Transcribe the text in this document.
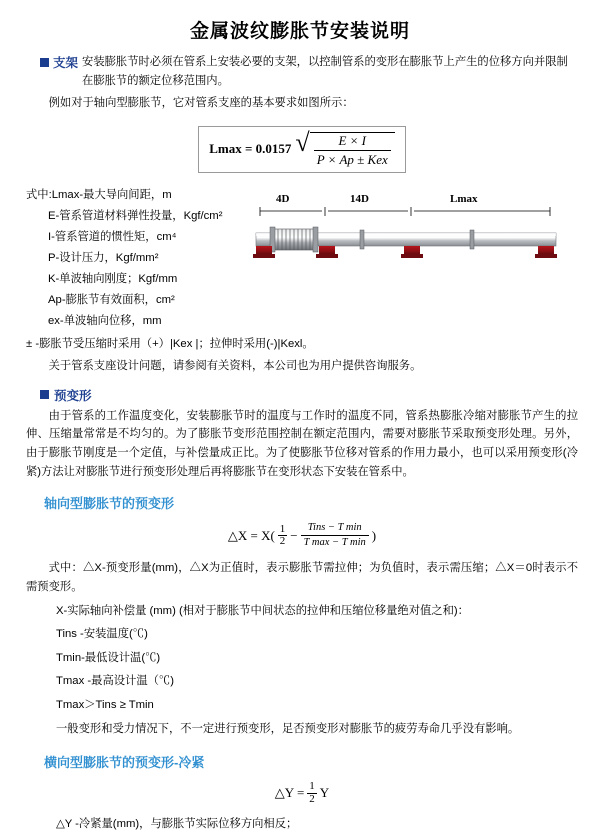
金属波纹膨胀节安装说明
支架 安装膨胀节时必须在管系上安装必要的支架，以控制管系的变形在膨胀节上产生的位移方向并限制在膨胀节的额定位移范围内。

例如对于轴向型膨胀节，它对管系支座的基本要求如图所示：

Lmax = 0.0157 √ $\frac{E \times I}{\text{P × Ap ± Kex}}$

式中:Lmax-最大导向间距，m

E-管系管道材料弹性投量，Kgf/cm²

I-管系管道的惯性矩，cm⁴

P-设计压力，Kgf/mm²

K-单波轴向刚度；Kgf/mm

Ap-膨胀节有效面积，cm²

ex-单波轴向位移，mm

4D	14D	Lmax

± -膨胀节受压缩时采用（+）|Kex |；拉伸时采用(-)|Kexl。

关于管系支座设计问题，请参阅有关资料，本公司也为用户提供咨询服务。

预变形

由于管系的工作温度变化，安装膨胀节时的温度与工作时的温度不同，管系热膨胀冷缩对膨胀节产生的拉伸、压缩量常常是不均匀的。为了膨胀节变形范围控制在额定范围内，需要对膨胀节采取预变形处理。另外，由于膨胀节刚度是一个定值，与补偿量成正比。为了使膨胀节位移对管系的作用力最小，也可以采用预变形(冷紧)方法让对膨胀节进行预变形处理后再将膨胀节在变形状态下安装在管系中。

轴向型膨胀节的预变形
△X = X( 1
2 −
Tins − T min
T max − T min )

式中：△X-预变形量(mm)，△X为正值时，表示膨胀节需拉伸；为负值时，表示需压缩；△X＝0时表示不需预变形。

X-实际轴向补偿量 (mm) (相对于膨胀节中间状态的拉伸和压缩位移量绝对值之和)：

Tins -安装温度(℃)

Tmin-最低设计温(℃)

Tmax -最高设计温（℃)

Tmax＞Tins ≥ Tmin

一般变形和受力情况下，不一定进行预变形，足否预变形对膨胀节的疲劳寿命几乎没有影响。

横向型膨胀节的预变形-冷紧
△Y = $\frac{1}{2}$ Y

△Y -冷紧量(mm)，与膨胀节实际位移方向相反；
